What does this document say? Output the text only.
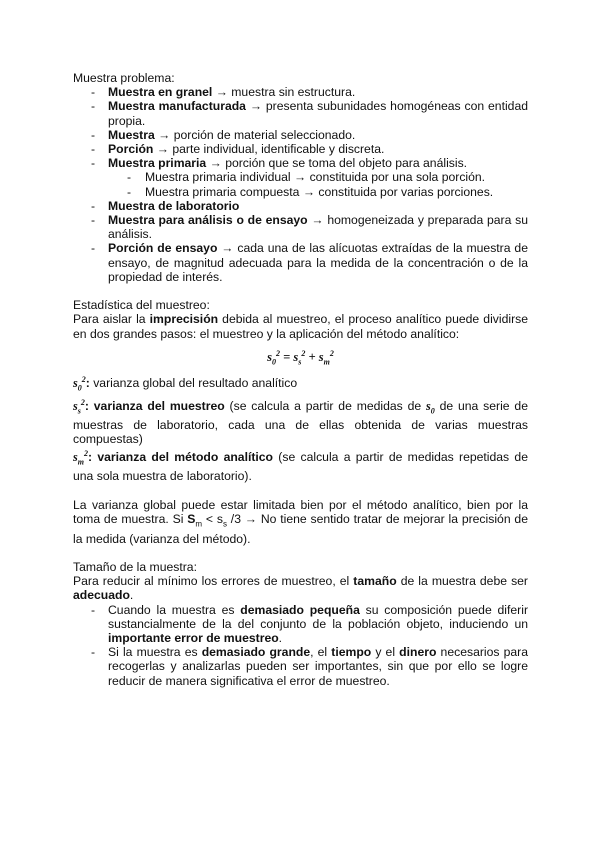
Muestra problema:

- Muestra en granel → muestra sin estructura.
- Muestra manufacturada → presenta subunidades homogéneas con entidad propia.
- Muestra → porción de material seleccionado.
- Porción → parte individual, identificable y discreta.
- Muestra primaria → porción que se toma del objeto para análisis.
- Muestra primaria individual → constituida por una sola porción.
- Muestra primaria compuesta → constituida por varias porciones.
- Muestra de laboratorio
- Muestra para análisis o de ensayo → homogeneizada y preparada para su análisis.
- Porción de ensayo → cada una de las alícuotas extraídas de la muestra de ensayo, de magnitud adecuada para la medida de la concentración o de la propiedad de interés.

Estadística del muestreo:

Para aislar la imprecisión debida al muestreo, el proceso analítico puede dividirse en dos grandes pasos: el muestreo y la aplicación del método analítico:

$s_0^2 = s_s^2 + s_m^2$

$s_0^2$: varianza global del resultado analítico

$s_s^2$: varianza del muestreo (se calcula a partir de medidas de $s_0$ de una serie de muestras de laboratorio, cada una de ellas obtenida de varias muestras compuestas)

$s_m^2$: varianza del método analítico (se calcula a partir de medidas repetidas de una sola muestra de laboratorio).

La varianza global puede estar limitada bien por el método analítico, bien por la toma de muestra. Si $S_m < s_s$ /3 → No tiene sentido tratar de mejorar la precisión de la medida (varianza del método).

Tamaño de la muestra:

Para reducir al mínimo los errores de muestreo, el tamaño de la muestra debe ser adecuado.

- Cuando la muestra es demasiado pequeña su composición puede diferir sustancialmente de la del conjunto de la población objeto, induciendo un importante error de muestreo.
- Si la muestra es demasiado grande, el tiempo y el dinero necesarios para recogerlas y analizarlas pueden ser importantes, sin que por ello se logre reducir de manera significativa el error de muestreo.
